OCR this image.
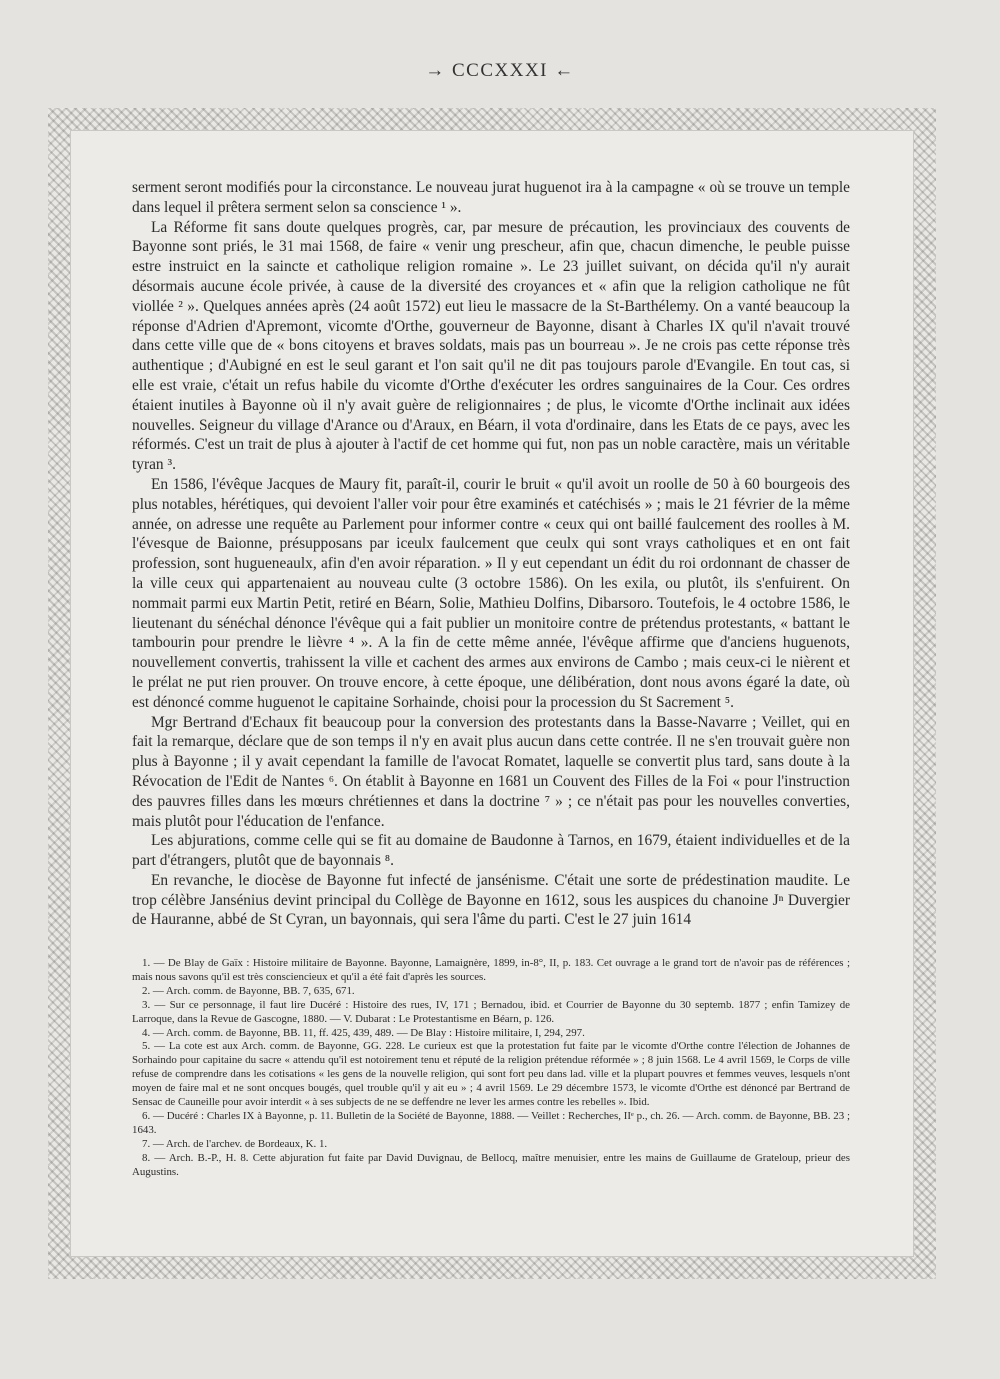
→ CCCXXXI ←

serment seront modifiés pour la circonstance. Le nouveau jurat huguenot ira à la campagne « où se trouve un temple dans lequel il prêtera serment selon sa conscience ¹ ».

La Réforme fit sans doute quelques progrès, car, par mesure de précaution, les provinciaux des couvents de Bayonne sont priés, le 31 mai 1568, de faire « venir ung prescheur, afin que, chacun dimenche, le peuble puisse estre instruict en la saincte et catholique religion romaine ». Le 23 juillet suivant, on décida qu'il n'y aurait désormais aucune école privée, à cause de la diversité des croyances et « afin que la religion catholique ne fût viollée ² ». Quelques années après (24 août 1572) eut lieu le massacre de la St-Barthélemy. On a vanté beaucoup la réponse d'Adrien d'Apremont, vicomte d'Orthe, gouverneur de Bayonne, disant à Charles IX qu'il n'avait trouvé dans cette ville que de « bons citoyens et braves soldats, mais pas un bourreau ». Je ne crois pas cette réponse très authentique ; d'Aubigné en est le seul garant et l'on sait qu'il ne dit pas toujours parole d'Evangile. En tout cas, si elle est vraie, c'était un refus habile du vicomte d'Orthe d'exécuter les ordres sanguinaires de la Cour. Ces ordres étaient inutiles à Bayonne où il n'y avait guère de religionnaires ; de plus, le vicomte d'Orthe inclinait aux idées nouvelles. Seigneur du village d'Arance ou d'Araux, en Béarn, il vota d'ordinaire, dans les Etats de ce pays, avec les réformés. C'est un trait de plus à ajouter à l'actif de cet homme qui fut, non pas un noble caractère, mais un véritable tyran ³.

En 1586, l'évêque Jacques de Maury fit, paraît-il, courir le bruit « qu'il avoit un roolle de 50 à 60 bourgeois des plus notables, hérétiques, qui devoient l'aller voir pour être examinés et catéchisés » ; mais le 21 février de la même année, on adresse une requête au Parlement pour informer contre « ceux qui ont baillé faulcement des roolles à M. l'évesque de Baionne, présupposans par iceulx faulcement que ceulx qui sont vrays catholiques et en ont fait profession, sont hugueneaulx, afin d'en avoir réparation. » Il y eut cependant un édit du roi ordonnant de chasser de la ville ceux qui appartenaient au nouveau culte (3 octobre 1586). On les exila, ou plutôt, ils s'enfuirent. On nommait parmi eux Martin Petit, retiré en Béarn, Solie, Mathieu Dolfins, Dibarsoro. Toutefois, le 4 octobre 1586, le lieutenant du sénéchal dénonce l'évêque qui a fait publier un monitoire contre de prétendus protestants, « battant le tambourin pour prendre le lièvre ⁴ ». A la fin de cette même année, l'évêque affirme que d'anciens huguenots, nouvellement convertis, trahissent la ville et cachent des armes aux environs de Cambo ; mais ceux-ci le nièrent et le prélat ne put rien prouver. On trouve encore, à cette époque, une délibération, dont nous avons égaré la date, où est dénoncé comme huguenot le capitaine Sorhainde, choisi pour la procession du St Sacrement ⁵.

Mgr Bertrand d'Echaux fit beaucoup pour la conversion des protestants dans la Basse-Navarre ; Veillet, qui en fait la remarque, déclare que de son temps il n'y en avait plus aucun dans cette contrée. Il ne s'en trouvait guère non plus à Bayonne ; il y avait cependant la famille de l'avocat Romatet, laquelle se convertit plus tard, sans doute à la Révocation de l'Edit de Nantes ⁶. On établit à Bayonne en 1681 un Couvent des Filles de la Foi « pour l'instruction des pauvres filles dans les mœurs chrétiennes et dans la doctrine ⁷ » ; ce n'était pas pour les nouvelles converties, mais plutôt pour l'éducation de l'enfance.

Les abjurations, comme celle qui se fit au domaine de Baudonne à Tarnos, en 1679, étaient individuelles et de la part d'étrangers, plutôt que de bayonnais ⁸.

En revanche, le diocèse de Bayonne fut infecté de jansénisme. C'était une sorte de prédestination maudite. Le trop célèbre Jansénius devint principal du Collège de Bayonne en 1612, sous les auspices du chanoine Jⁿ Duvergier de Hauranne, abbé de St Cyran, un bayonnais, qui sera l'âme du parti. C'est le 27 juin 1614

1. — De Blay de Gaïx : Histoire militaire de Bayonne. Bayonne, Lamaignère, 1899, in-8°, II, p. 183. Cet ouvrage a le grand tort de n'avoir pas de références ; mais nous savons qu'il est très consciencieux et qu'il a été fait d'après les sources.

2. — Arch. comm. de Bayonne, BB. 7, 635, 671.

3. — Sur ce personnage, il faut lire Ducéré : Histoire des rues, IV, 171 ; Bernadou, ibid. et Courrier de Bayonne du 30 septemb. 1877 ; enfin Tamizey de Larroque, dans la Revue de Gascogne, 1880. — V. Dubarat : Le Protestantisme en Béarn, p. 126.

4. — Arch. comm. de Bayonne, BB. 11, ff. 425, 439, 489. — De Blay : Histoire militaire, I, 294, 297.

5. — La cote est aux Arch. comm. de Bayonne, GG. 228. Le curieux est que la protestation fut faite par le vicomte d'Orthe contre l'élection de Johannes de Sorhaindo pour capitaine du sacre « attendu qu'il est notoirement tenu et réputé de la religion prétendue réformée » ; 8 juin 1568. Le 4 avril 1569, le Corps de ville refuse de comprendre dans les cotisations « les gens de la nouvelle religion, qui sont fort peu dans lad. ville et la plupart pouvres et femmes veuves, lesquels n'ont moyen de faire mal et ne sont oncques bougés, quel trouble qu'il y ait eu » ; 4 avril 1569. Le 29 décembre 1573, le vicomte d'Orthe est dénoncé par Bertrand de Sensac de Cauneille pour avoir interdit « à ses subjects de ne se deffendre ne lever les armes contre les rebelles ». Ibid.

6. — Ducéré : Charles IX à Bayonne, p. 11. Bulletin de la Société de Bayonne, 1888. — Veillet : Recherches, IIᵉ p., ch. 26. — Arch. comm. de Bayonne, BB. 23 ; 1643.

7. — Arch. de l'archev. de Bordeaux, K. 1.

8. — Arch. B.-P., H. 8. Cette abjuration fut faite par David Duvignau, de Bellocq, maître menuisier, entre les mains de Guillaume de Grateloup, prieur des Augustins.
